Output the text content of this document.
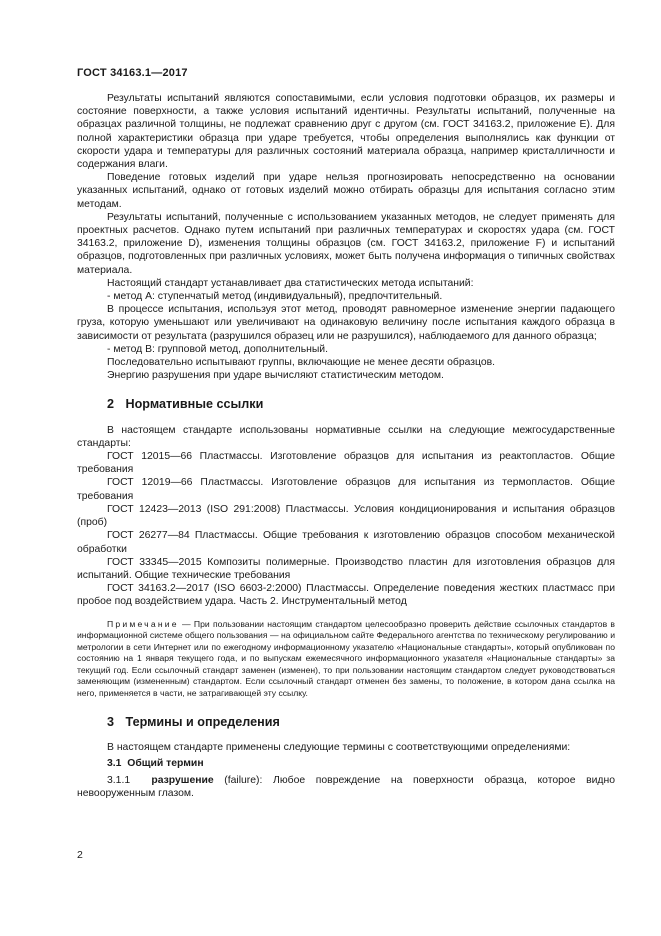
ГОСТ 34163.1—2017

Результаты испытаний являются сопоставимыми, если условия подготовки образцов, их размеры и состояние поверхности, а также условия испытаний идентичны. Результаты испытаний, полученные на образцах различной толщины, не подлежат сравнению друг с другом (см. ГОСТ 34163.2, приложение Е). Для полной характеристики образца при ударе требуется, чтобы определения выполнялись как функции от скорости удара и температуры для различных состояний материала образца, например кристалличности и содержания влаги.

Поведение готовых изделий при ударе нельзя прогнозировать непосредственно на основании указанных испытаний, однако от готовых изделий можно отбирать образцы для испытания согласно этим методам.

Результаты испытаний, полученные с использованием указанных методов, не следует применять для проектных расчетов. Однако путем испытаний при различных температурах и скоростях удара (см. ГОСТ 34163.2, приложение D), изменения толщины образцов (см. ГОСТ 34163.2, приложение F) и испытаний образцов, подготовленных при различных условиях, может быть получена информация о типичных свойствах материала.

Настоящий стандарт устанавливает два статистических метода испытаний:

- метод А: ступенчатый метод (индивидуальный), предпочтительный.

В процессе испытания, используя этот метод, проводят равномерное изменение энергии падающего груза, которую уменьшают или увеличивают на одинаковую величину после испытания каждого образца в зависимости от результата (разрушился образец или не разрушился), наблюдаемого для данного образца;

- метод В: групповой метод, дополнительный.

Последовательно испытывают группы, включающие не менее десяти образцов.

Энергию разрушения при ударе вычисляют статистическим методом.

2 Нормативные ссылки

В настоящем стандарте использованы нормативные ссылки на следующие межгосударственные стандарты:

ГОСТ 12015—66 Пластмассы. Изготовление образцов для испытания из реактопластов. Общие требования

ГОСТ 12019—66 Пластмассы. Изготовление образцов для испытания из термопластов. Общие требования

ГОСТ 12423—2013 (ISO 291:2008) Пластмассы. Условия кондиционирования и испытания образцов (проб)

ГОСТ 26277—84 Пластмассы. Общие требования к изготовлению образцов способом механической обработки

ГОСТ 33345—2015 Композиты полимерные. Производство пластин для изготовления образцов для испытаний. Общие технические требования

ГОСТ 34163.2—2017 (ISO 6603-2:2000) Пластмассы. Определение поведения жестких пластмасс при пробое под воздействием удара. Часть 2. Инструментальный метод

Примечание — При пользовании настоящим стандартом целесообразно проверить действие ссылочных стандартов в информационной системе общего пользования — на официальном сайте Федерального агентства по техническому регулированию и метрологии в сети Интернет или по ежегодному информационному указателю «Национальные стандарты», который опубликован по состоянию на 1 января текущего года, и по выпускам ежемесячного информационного указателя «Национальные стандарты» за текущий год. Если ссылочный стандарт заменен (изменен), то при пользовании настоящим стандартом следует руководствоваться заменяющим (измененным) стандартом. Если ссылочный стандарт отменен без замены, то положение, в котором дана ссылка на него, применяется в части, не затрагивающей эту ссылку.

3 Термины и определения

В настоящем стандарте применены следующие термины с соответствующими определениями:

3.1 Общий термин

3.1.1 разрушение (failure): Любое повреждение на поверхности образца, которое видно невооруженным глазом.

2
